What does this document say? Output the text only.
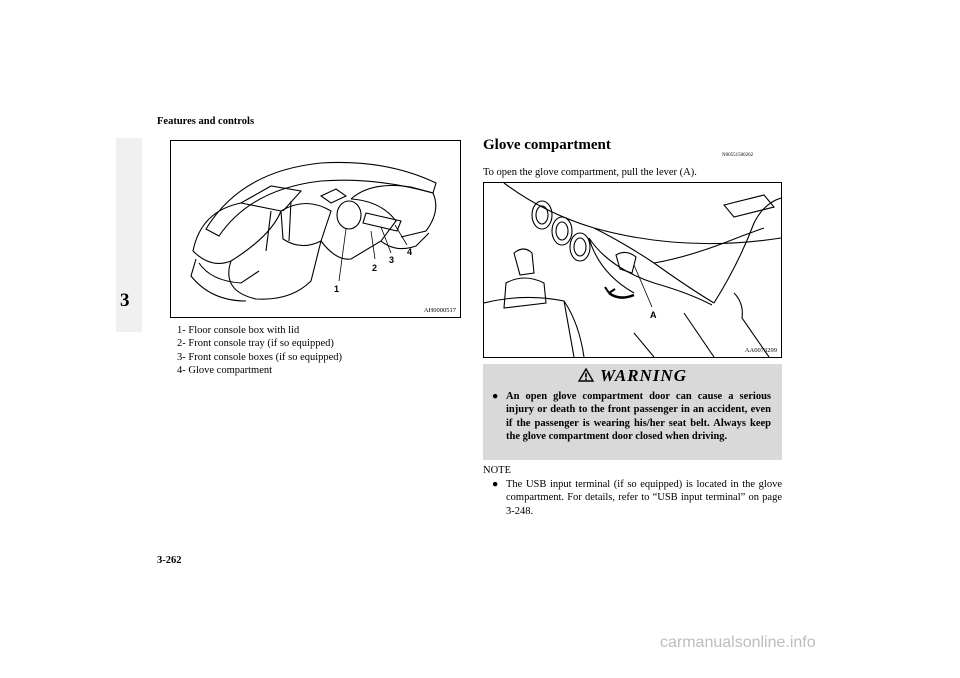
Features and controls
3
1
2
3
4
AH0000517
1- Floor console box with lid
2- Front console tray (if so equipped)
3- Front console boxes (if so equipped)
4- Glove compartment
Glove compartment
N00551500262
To open the glove compartment, pull the lever (A).
A
AA0073299
WARNING
● An open glove compartment door can cause a serious injury or death to the front passenger in an accident, even if the passenger is wearing his/her seat belt. Always keep the glove compartment door closed when driving.
NOTE
● The USB input terminal (if so equipped) is located in the glove compartment. For details, refer to “USB input terminal” on page 3-248.
3-262
carmanualsonline.info
